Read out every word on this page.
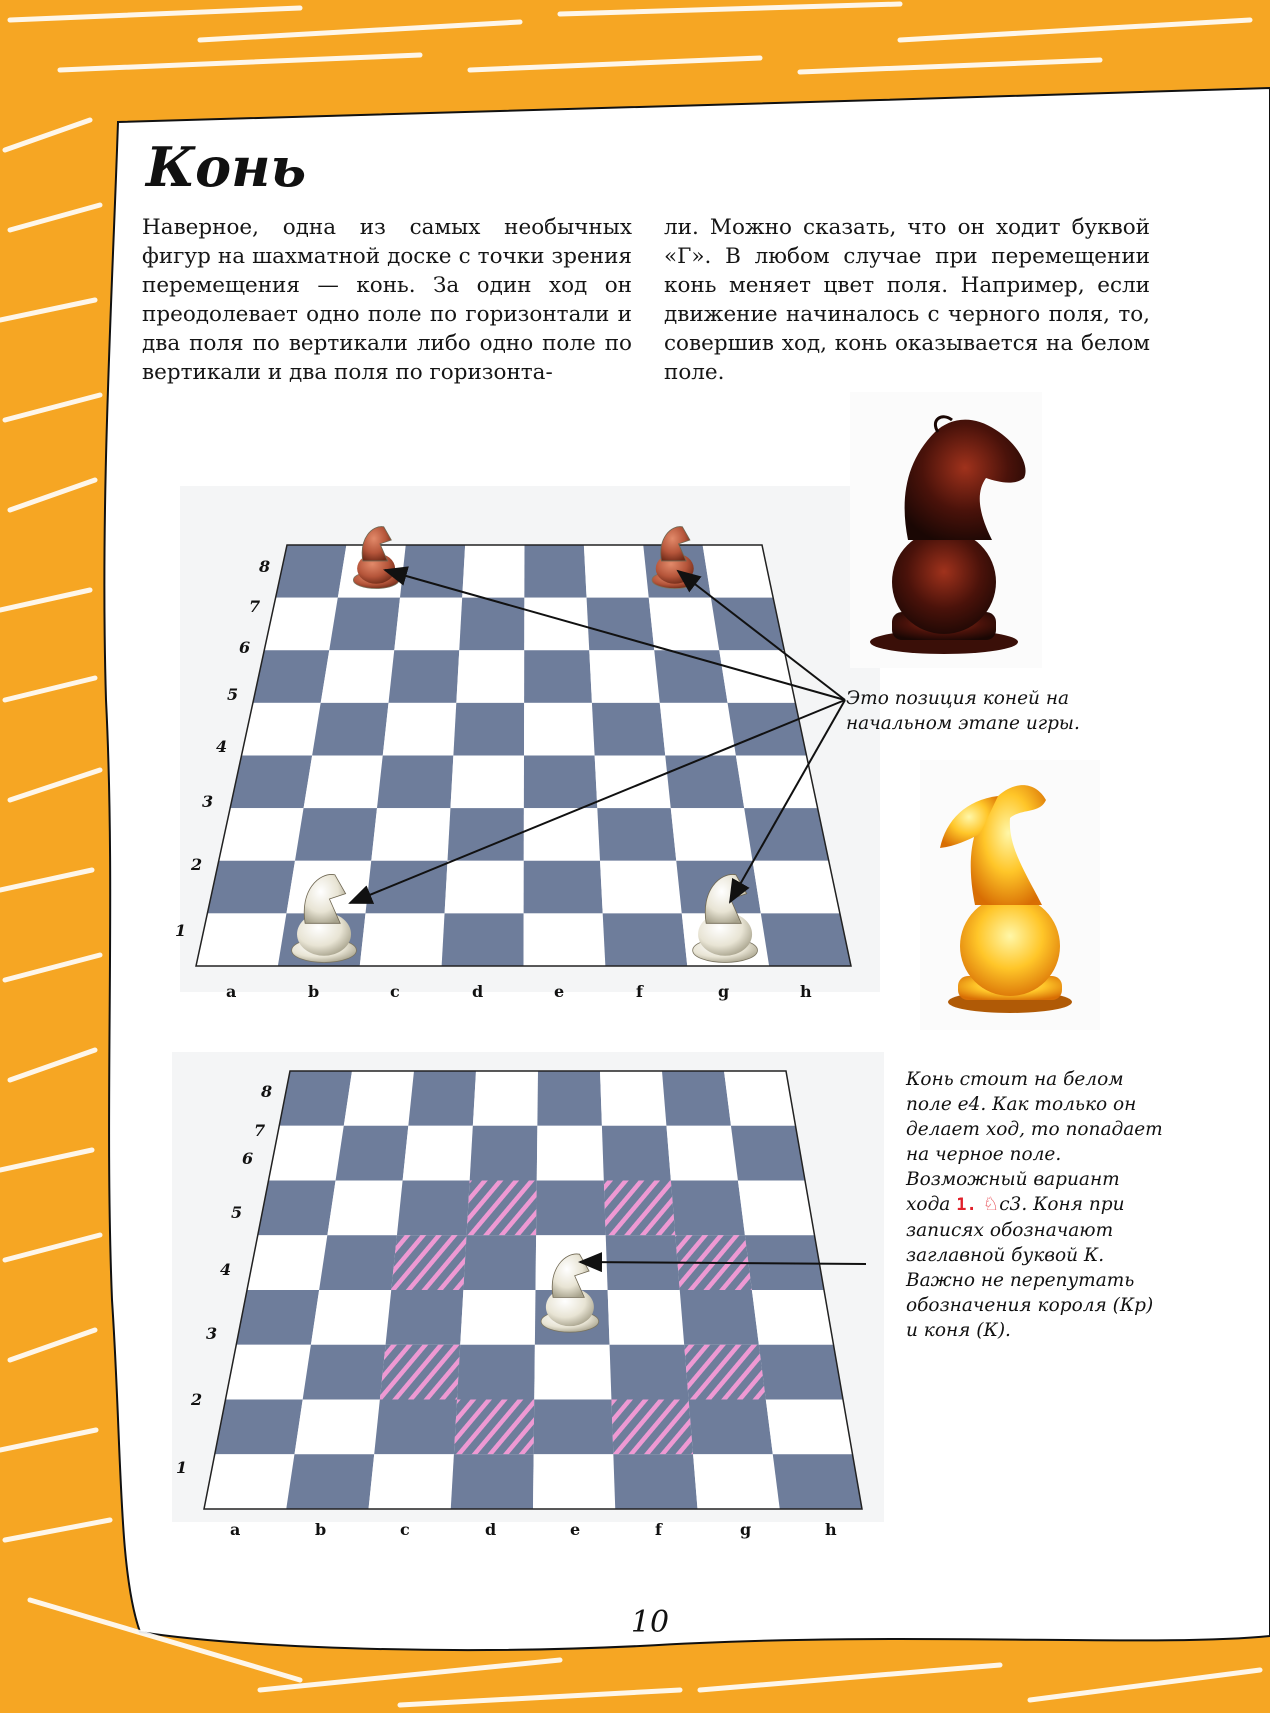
Конь

Наверное, одна из самых необычных фигур на шахматной доске с точки зрения перемещения — конь. За один ход он преодолевает одно поле по горизонтали и два поля по вертикали либо одно поле по вертикали и два поля по горизонта-

ли. Можно сказать, что он ходит буквой «Г». В любом случае при перемещении конь меняет цвет поля. Например, если движение начиналось с черного поля, то, совершив ход, конь оказывается на белом поле.

Это позиция коней на начальном этапе игры.

Конь стоит на белом поле e4. Как только он делает ход, то попадает на черное поле. Возможный вариант хода 1. ♘c3. Коня при записях обозначают заглавной буквой К. Важно не перепутать обозначения короля (Кр) и коня (К).

a
a
b
b
c
c
d
d
e
e
f
f
g
g
h
h
1
1
2
2
3
3
4
4
5
5
6
6
7
7
8
8
10
